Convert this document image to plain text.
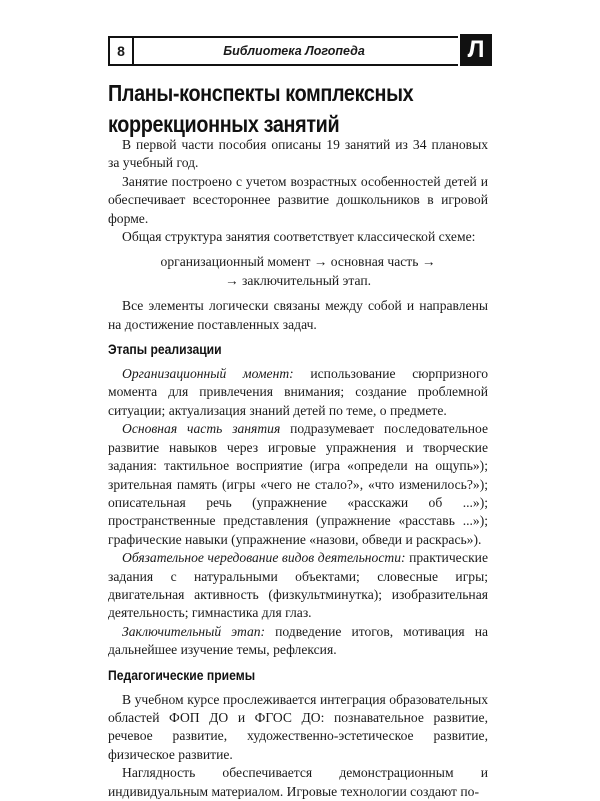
8	Библиотека Логопеда	Л
Планы-конспекты комплексных
коррекционных занятий

В первой части пособия описаны 19 занятий из 34 плановых за учебный год.

Занятие построено с учетом возрастных особенностей детей и обеспечивает всестороннее развитие дошкольников в игровой форме.

Общая структура занятия соответствует классической схеме:

организационный момент → основная часть →
→ заключительный этап.

Все элементы логически связаны между собой и направлены на достижение поставленных задач.

Этапы реализации

Организационный момент: использование сюрпризного момента для привлечения внимания; создание проблемной ситуации; актуализация знаний детей по теме, о предмете.

Основная часть занятия подразумевает последовательное развитие навыков через игровые упражнения и творческие задания: тактильное восприятие (игра «определи на ощупь»); зрительная память (игры «чего не стало?», «что изменилось?»); описательная речь (упражнение «расскажи об ...»); пространственные представления (упражнение «расставь ...»); графические навыки (упражнение «назови, обведи и раскрась»).

Обязательное чередование видов деятельности: практические задания с натуральными объектами; словесные игры; двигательная активность (физкультминутка); изобразительная деятельность; гимнастика для глаз.

Заключительный этап: подведение итогов, мотивация на дальнейшее изучение темы, рефлексия.

Педагогические приемы

В учебном курсе прослеживается интеграция образовательных областей ФОП ДО и ФГОС ДО: познавательное развитие, речевое развитие, художественно-эстетическое развитие, физическое развитие.

Наглядность обеспечивается демонстрационным и индивидуальным материалом. Игровые технологии создают по-
